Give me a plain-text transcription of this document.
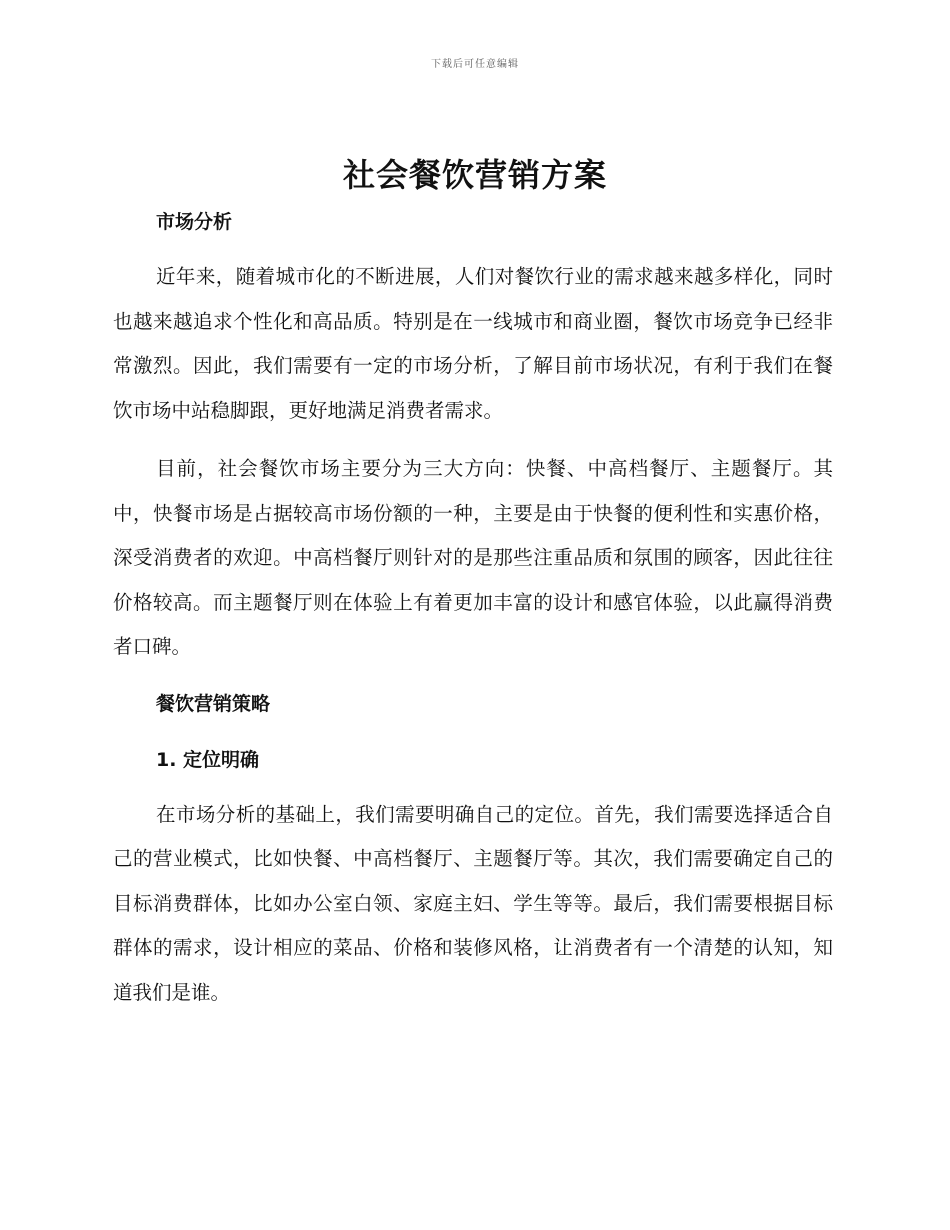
下载后可任意编辑
社会餐饮营销方案
市场分析

近年来，随着城市化的不断进展，人们对餐饮行业的需求越来越多样化，同时也越来越追求个性化和高品质。特别是在一线城市和商业圈，餐饮市场竞争已经非常激烈。因此，我们需要有一定的市场分析，了解目前市场状况，有利于我们在餐饮市场中站稳脚跟，更好地满足消费者需求。

目前，社会餐饮市场主要分为三大方向：快餐、中高档餐厅、主题餐厅。其中，快餐市场是占据较高市场份额的一种，主要是由于快餐的便利性和实惠价格，深受消费者的欢迎。中高档餐厅则针对的是那些注重品质和氛围的顾客，因此往往价格较高。而主题餐厅则在体验上有着更加丰富的设计和感官体验，以此赢得消费者口碑。

餐饮营销策略
1. 定位明确

在市场分析的基础上，我们需要明确自己的定位。首先，我们需要选择适合自己的营业模式，比如快餐、中高档餐厅、主题餐厅等。其次，我们需要确定自己的目标消费群体，比如办公室白领、家庭主妇、学生等等。最后，我们需要根据目标群体的需求，设计相应的菜品、价格和装修风格，让消费者有一个清楚的认知，知道我们是谁。
